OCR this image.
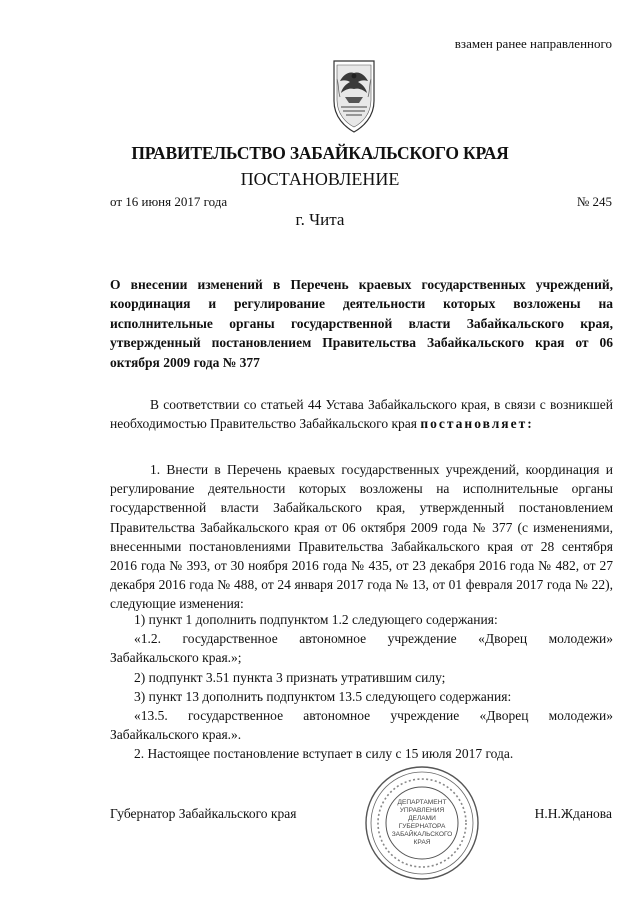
взамен ранее направленного
ПРАВИТЕЛЬСТВО ЗАБАЙКАЛЬСКОГО КРАЯ
ПОСТАНОВЛЕНИЕ
от 16 июня 2017 года	№ 245
г. Чита
О внесении изменений в Перечень краевых государственных учреждений, координация и регулирование деятельности которых возложены на исполнительные органы государственной власти Забайкальского края, утвержденный постановлением Правительства Забайкальского края от 06 октября 2009 года № 377
В соответствии со статьей 44 Устава Забайкальского края, в связи с возникшей необходимостью Правительство Забайкальского края постановляет:
1. Внести в Перечень краевых государственных учреждений, координация и регулирование деятельности которых возложены на исполнительные органы государственной власти Забайкальского края, утвержденный постановлением Правительства Забайкальского края от 06 октября 2009 года № 377 (с изменениями, внесенными постановлениями Правительства Забайкальского края от 28 сентября 2016 года № 393, от 30 ноября 2016 года № 435, от 23 декабря 2016 года № 482, от 27 декабря 2016 года № 488, от 24 января 2017 года № 13, от 01 февраля 2017 года № 22), следующие изменения:
1) пункт 1 дополнить подпунктом 1.2 следующего содержания:
«1.2. государственное автономное учреждение «Дворец молодежи» Забайкальского края.»;
2) подпункт 3.51 пункта 3 признать утратившим силу;
3) пункт 13 дополнить подпунктом 13.5 следующего содержания:
«13.5. государственное автономное учреждение «Дворец молодежи» Забайкальского края.».
2. Настоящее постановление вступает в силу с 15 июля 2017 года.
Губернатор Забайкальского края	Н.Н.Жданова
ДЕПАРТАМЕНТ
УПРАВЛЕНИЯ
ДЕЛАМИ
ГУБЕРНАТОРА
ЗАБАЙКАЛЬСКОГО
КРАЯ
